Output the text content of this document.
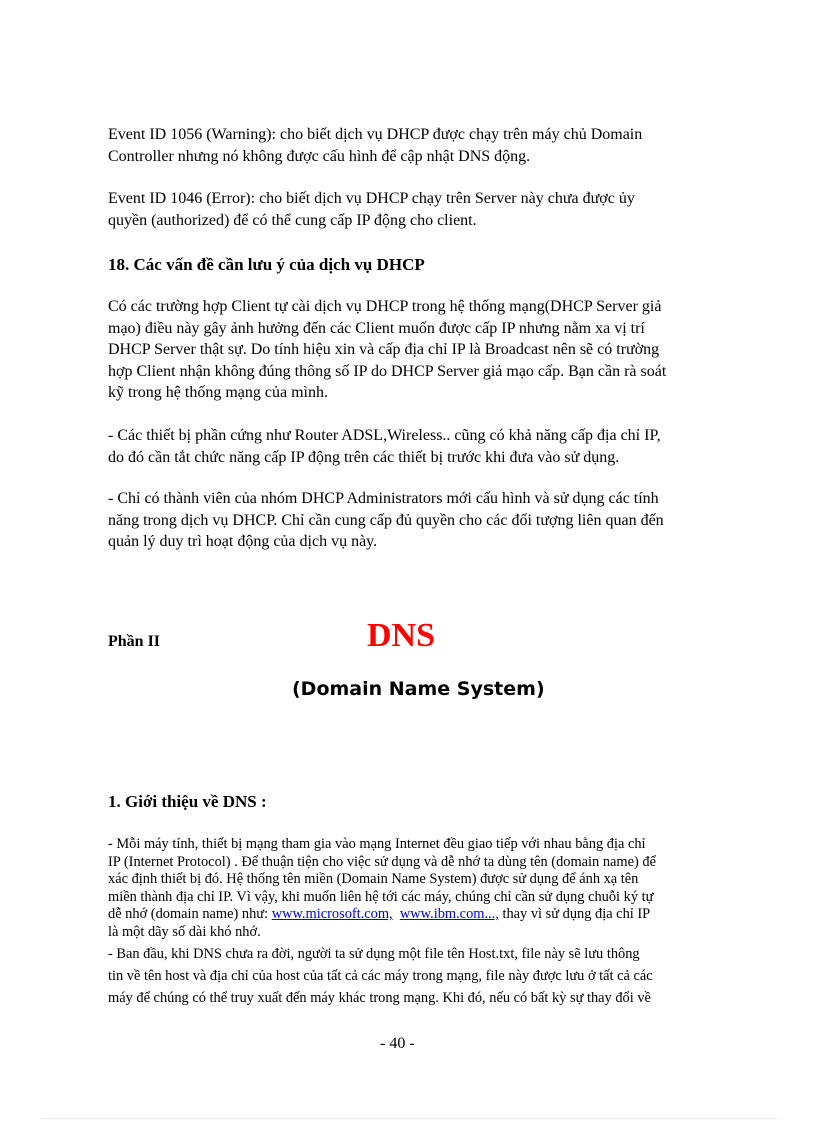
Event ID 1056 (Warning): cho biết dịch vụ DHCP được chạy trên máy chủ Domain
Controller nhưng nó không được cấu hình để cập nhật DNS động.

Event ID 1046 (Error): cho biết dịch vụ DHCP chạy trên Server này chưa được ủy
quyền (authorized) để có thể cung cấp IP động cho client.

18. Các vấn đề cần lưu ý của dịch vụ DHCP

Có các trường hợp Client tự cài dịch vụ DHCP trong hệ thống mạng(DHCP Server giả
mạo) điều này gây ảnh hưởng đến các Client muốn được cấp IP nhưng nằm xa vị trí
DHCP Server thật sự. Do tính hiệu xin và cấp địa chỉ IP là Broadcast nên sẽ có trường
hợp Client nhận không đúng thông số IP do DHCP Server giả mạo cấp. Bạn cần rà soát
kỹ trong hệ thống mạng của mình.

- Các thiết bị phần cứng như Router ADSL,Wireless.. cũng có khả năng cấp địa chỉ IP,
do đó cần tắt chức năng cấp IP động trên các thiết bị trước khi đưa vào sử dụng.

- Chỉ có thành viên của nhóm DHCP Administrators mới cấu hình và sử dụng các tính
năng trong dịch vụ DHCP. Chỉ cần cung cấp đủ quyền cho các đối tượng liên quan đến
quản lý duy trì hoạt động của dịch vụ này.

Phần II	DNS
(Domain Name System)

1. Giới thiệu về DNS :

- Mỗi máy tính, thiết bị mạng tham gia vào mạng Internet đều giao tiếp với nhau bằng địa chỉ
IP (Internet Protocol) . Để thuận tiện cho việc sử dụng và dễ nhớ ta dùng tên (domain name) để
xác định thiết bị đó. Hệ thống tên miền (Domain Name System) được sử dụng để ánh xạ tên
miền thành địa chỉ IP. Vì vậy, khi muốn liên hệ tới các máy, chúng chỉ cần sử dụng chuỗi ký tự
dễ nhớ (domain name) như: www.microsoft.com, www.ibm.com..., thay vì sử dụng địa chỉ IP
là một dãy số dài khó nhớ.

- Ban đầu, khi DNS chưa ra đời, người ta sử dụng một file tên Host.txt, file này sẽ lưu thông
tin về tên host và địa chỉ của host của tất cả các máy trong mạng, file này được lưu ở tất cả các
máy để chúng có thể truy xuất đến máy khác trong mạng. Khi đó, nếu có bất kỳ sự thay đổi về

- 40 -
